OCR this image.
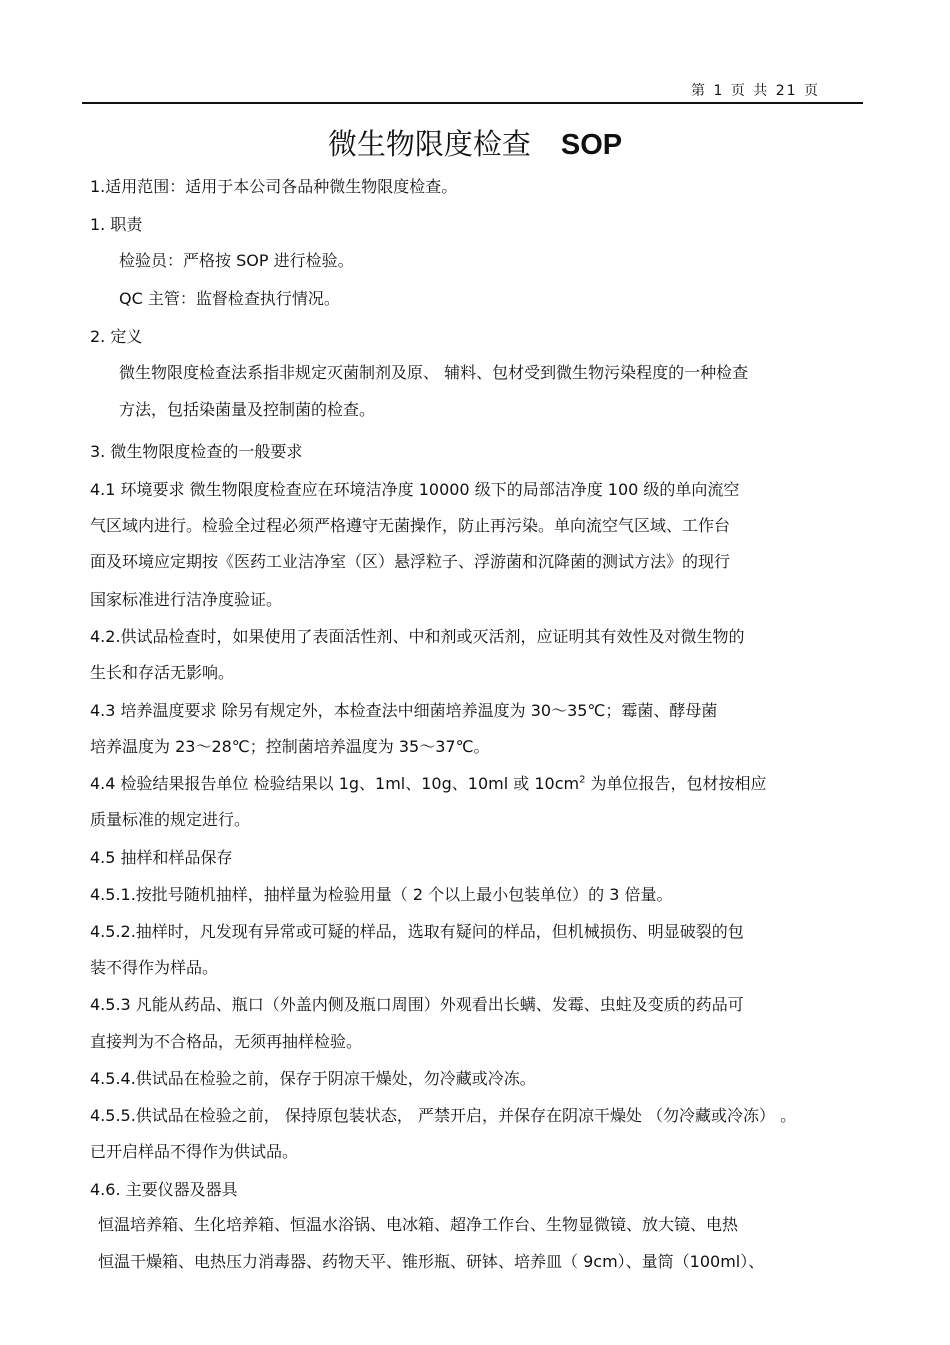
第 1 页 共 21 页
微生物限度检查 SOP
1.适用范围：适用于本公司各品种微生物限度检查。
1. 职责
检验员：严格按 SOP 进行检验。
QC 主管：监督检查执行情况。
2. 定义
微生物限度检查法系指非规定灭菌制剂及原、 辅料、包材受到微生物污染程度的一种检查
方法，包括染菌量及控制菌的检查。
3. 微生物限度检查的一般要求
4.1 环境要求 微生物限度检查应在环境洁净度 10000 级下的局部洁净度 100 级的单向流空
气区域内进行。检验全过程必须严格遵守无菌操作，防止再污染。单向流空气区域、工作台
面及环境应定期按《医药工业洁净室（区）悬浮粒子、浮游菌和沉降菌的测试方法》的现行
国家标准进行洁净度验证。
4.2.供试品检查时，如果使用了表面活性剂、中和剂或灭活剂，应证明其有效性及对微生物的
生长和存活无影响。
4.3 培养温度要求 除另有规定外，本检查法中细菌培养温度为 30～35℃；霉菌、酵母菌
培养温度为 23～28℃；控制菌培养温度为 35～37℃。
4.4 检验结果报告单位 检验结果以 1g、1ml、10g、10ml 或 $10cm^2$ 为单位报告，包材按相应
质量标准的规定进行。
4.5 抽样和样品保存
4.5.1.按批号随机抽样，抽样量为检验用量（ 2 个以上最小包装单位）的 3 倍量。
4.5.2.抽样时，凡发现有异常或可疑的样品，选取有疑问的样品，但机械损伤、明显破裂的包
装不得作为样品。
4.5.3 凡能从药品、瓶口（外盖内侧及瓶口周围）外观看出长螨、发霉、虫蛀及变质的药品可
直接判为不合格品，无须再抽样检验。
4.5.4.供试品在检验之前，保存于阴凉干燥处，勿冷藏或冷冻。
4.5.5.供试品在检验之前， 保持原包装状态， 严禁开启，并保存在阴凉干燥处 （勿冷藏或冷冻） 。
已开启样品不得作为供试品。
4.6. 主要仪器及器具
恒温培养箱、生化培养箱、恒温水浴锅、电冰箱、超净工作台、生物显微镜、放大镜、电热
恒温干燥箱、电热压力消毒器、药物天平、锥形瓶、研钵、培养皿（ 9cm）、量筒（100ml）、
